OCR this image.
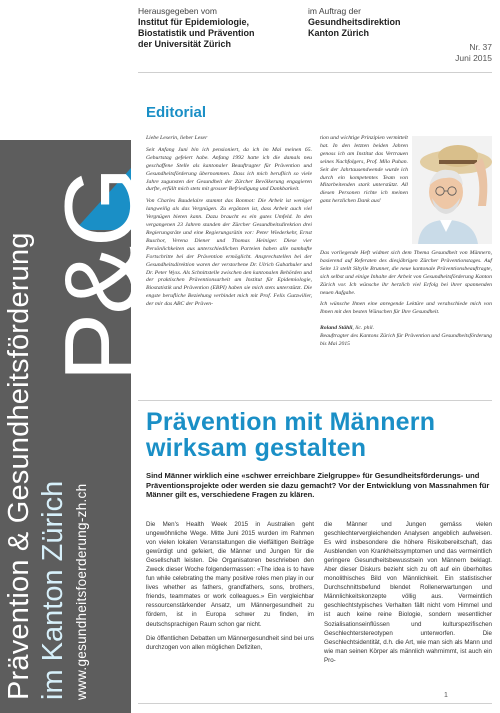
P&G
Prävention & Gesundheitsförderung im Kanton Zürich www.gesundheitsfoerderung-zh.ch
Herausgegeben vom
Institut für Epidemiologie,
Biostatistik und Prävention
der Universität Zürich
im Auftrag der
Gesundheitsdirektion
Kanton Zürich
Nr. 37
Juni 2015
Editorial

Liebe Leserin, lieber Leser

Seit Anfang Juni bin ich pensioniert, da ich im Mai meinen 65. Geburtstag gefeiert habe. Anfang 1992 hatte ich die damals neu geschaffene Stelle als kantonaler Beauftragter für Prävention und Gesundheitsförderung übernommen. Dass ich mich beruflich so viele Jahre zugunsten der Gesundheit der Zürcher Bevölkerung engagieren durfte, erfüllt mich stets mit grosser Befriedigung und Dankbarkeit.

Von Charles Baudelaire stammt das Bonmot: Die Arbeit ist weniger langweilig als das Vergnügen. Zu ergänzen ist, dass Arbeit auch viel Vergnügen bieten kann. Dazu braucht es ein gutes Umfeld. In den vergangenen 23 Jahren standen der Zürcher Gesundheitsdirektion drei Regierungsräte und eine Regierungsrätin vor: Peter Wiederkehr, Ernst Buschor, Verena Diener und Thomas Heiniger. Diese vier Persönlichkeiten aus unterschiedlichen Parteien haben alle namhafte Fortschritte bei der Prävention ermöglicht. Ansprechstellen bei der Gesundheitsdirektion waren der verstorbene Dr. Ulrich Gabathuler und Dr. Peter Wyss. Als Schnittstelle zwischen den kantonalen Behörden und der praktischen Präventionsarbeit am Institut für Epidemiologie, Biostatistik und Prävention (EBPI) haben sie mich stets unterstützt. Die engste berufliche Beziehung verbindet mich mit Prof. Felix Gutzwiller, der mir das ABC der Präven-

tion und wichtige Prinzipien vermittelt hat. In den letzten beiden Jahren genoss ich am Institut das Vertrauen seines Nachfolgers, Prof. Milo Puhan. Seit der Jahrtausendwende wurde ich durch ein kompetentes Team von Mitarbeitenden stark unterstützt. All diesen Personen richte ich meinen ganz herzlichen Dank aus!

Das vorliegende Heft widmet sich dem Thema Gesundheit von Männern, basierend auf Referaten des diesjährigen Zürcher Präventionstages. Auf Seite 13 stellt Sibylle Brunner, die neue kantonale Präventionsbeauftragte, sich selbst und einige Inhalte der Arbeit von Gesundheitsförderung Kanton Zürich vor. Ich wünsche ihr herzlich viel Erfolg bei ihrer spannenden neuen Aufgabe.

Ich wünsche Ihnen eine anregende Lektüre und verabschiede mich von Ihnen mit den besten Wünschen für Ihre Gesundheit.

Roland Stähli, lic. phil.
Beauftragter des Kantons Zürich für Prävention und Gesundheitsförderung bis Mai 2015
Prävention mit Männern
wirksam gestalten
Sind Männer wirklich eine «schwer erreichbare Zielgruppe» für Gesundheitsförderungs- und Präventionsprojekte oder werden sie dazu gemacht? Vor der Entwicklung von Massnahmen für Männer gilt es, verschiedene Fragen zu klären.

Die Men's Health Week 2015 in Australien geht ungewöhnliche Wege. Mitte Juni 2015 wurden im Rahmen von vielen lokalen Veranstaltungen die vielfältigen Beiträge gewürdigt und gefeiert, die Männer und Jungen für die Gesellschaft leisten. Die Organisatoren beschrieben den Zweck dieser Woche folgendermassen: «The idea is to have fun while celebrating the many positive roles men play in our lives whether as fathers, grandfathers, sons, brothers, friends, teammates or work colleagues.» Ein vergleichbar ressourcenstärkender Ansatz, um Männergesundheit zu fördern, ist in Europa schwer zu finden, im deutschsprachigen Raum schon gar nicht.

Die öffentlichen Debatten um Männergesundheit sind bei uns durchzogen von allen möglichen Defiziten,

die Männer und Jungen gemäss vielen geschlechtervergleichenden Analysen angeblich aufweisen. Es wird insbesondere die höhere Risikobereitschaft, das Ausblenden von Krankheitssymptomen und das vermeintlich geringere Gesundheitsbewusstsein von Männern beklagt. Aber dieser Diskurs bezieht sich zu oft auf ein überholtes monolithisches Bild von Männlichkeit. Ein statistischer Durchschnittsbefund blendet Rollenerwartungen und Männlichkeitskonzepte völlig aus. Vermeintlich geschlechtstypisches Verhalten fällt nicht vom Himmel und ist auch keine reine Biologie, sondern wesentlicher Sozialisationseinflüssen und kulturspezifischen Geschlechterstereotypen unterworfen. Die Geschlechtsidentität, d.h. die Art, wie man sich als Mann und wie man seinen Körper als männlich wahrnimmt, ist auch ein Pro-

1
